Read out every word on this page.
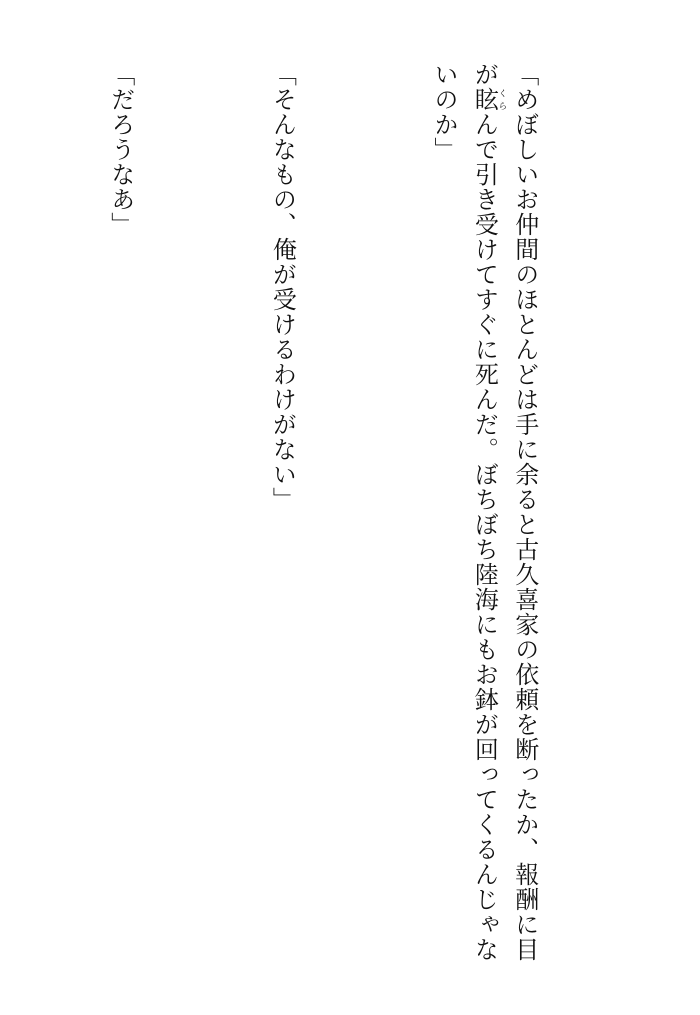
「めぼしいお仲間のほとんどは手に余ると古久喜家の依頼を断ったか、報酬に目が眩くらんで引き受けてすぐに死んだ。ぼちぼち陸海にもお鉢が回ってくるんじゃないのか」

「そんなもの、俺が受けるわけがない」

「だろうなあ」
